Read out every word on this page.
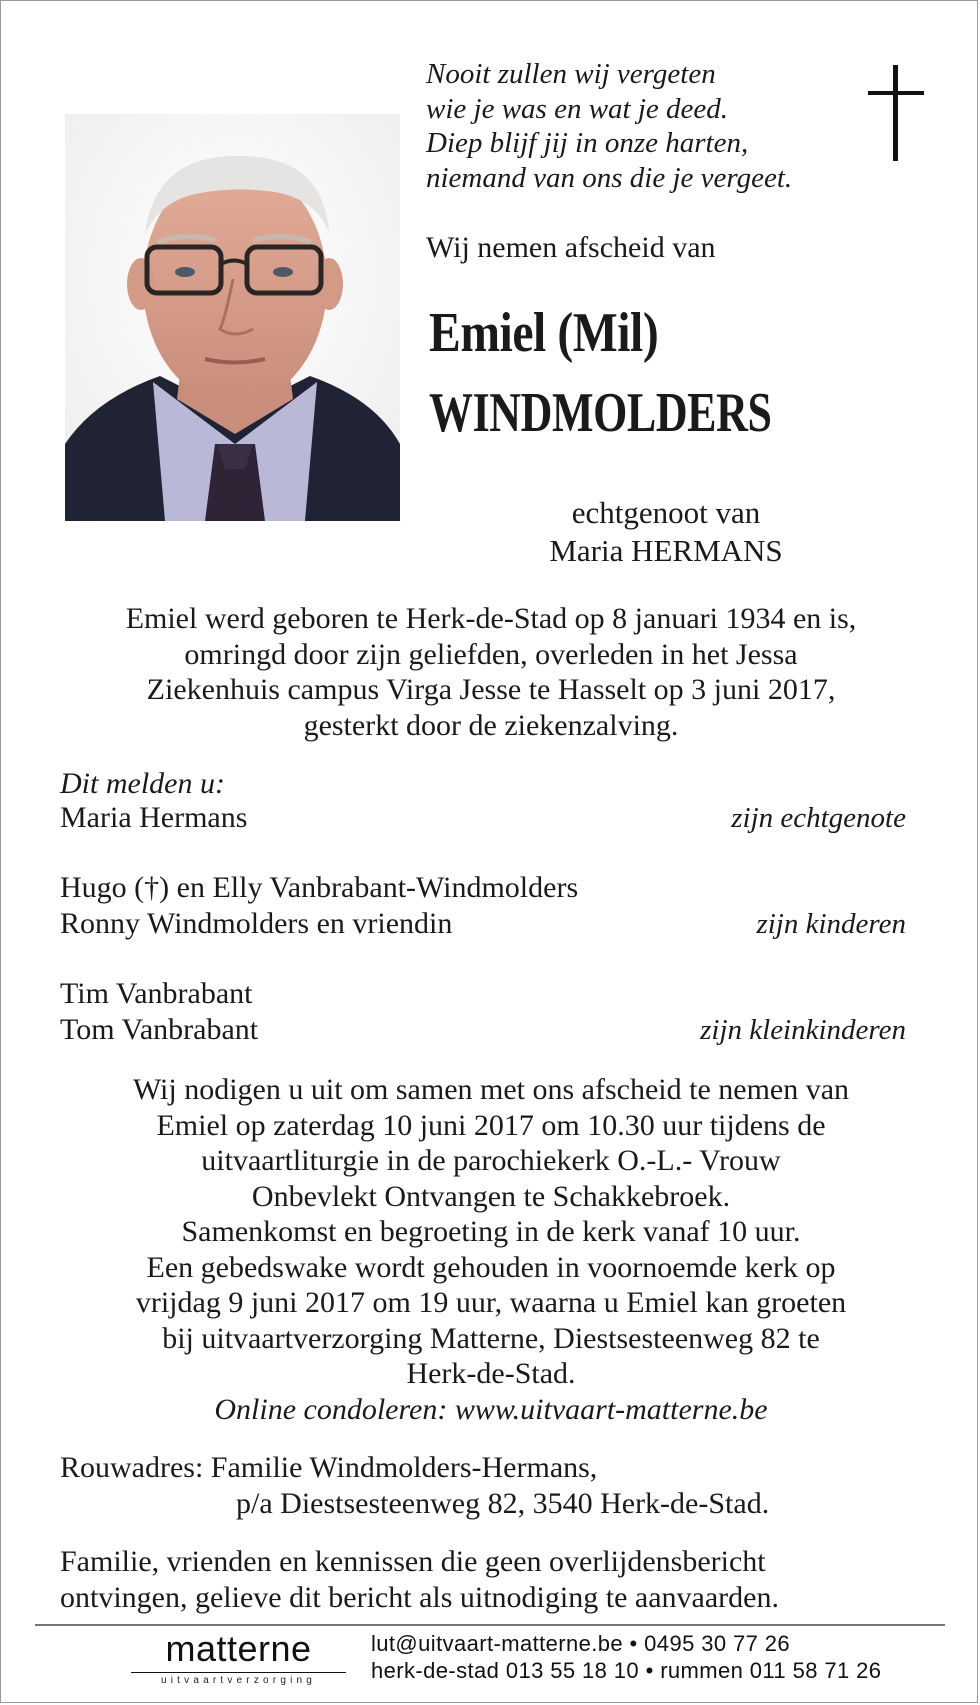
Nooit zullen wij vergeten
wie je was en wat je deed.
Diep blijf jij in onze harten,
niemand van ons die je vergeet.
Wij nemen afscheid van
Emiel (Mil)
WINDMOLDERS
echtgenoot van
Maria HERMANS
Emiel werd geboren te Herk-de-Stad op 8 januari 1934 en is,
omringd door zijn geliefden, overleden in het Jessa
Ziekenhuis campus Virga Jesse te Hasselt op 3 juni 2017,
gesterkt door de ziekenzalving.
Dit melden u:
Maria Hermans	zijn echtgenote
Hugo (†) en Elly Vanbrabant-Windmolders
Ronny Windmolders en vriendin	zijn kinderen
Tim Vanbrabant
Tom Vanbrabant	zijn kleinkinderen
Wij nodigen u uit om samen met ons afscheid te nemen van
Emiel op zaterdag 10 juni 2017 om 10.30 uur tijdens de
uitvaartliturgie in de parochiekerk O.-L.- Vrouw
Onbevlekt Ontvangen te Schakkebroek.
Samenkomst en begroeting in de kerk vanaf 10 uur.
Een gebedswake wordt gehouden in voornoemde kerk op
vrijdag 9 juni 2017 om 19 uur, waarna u Emiel kan groeten
bij uitvaartverzorging Matterne, Diestsesteenweg 82 te
Herk-de-Stad.
Online condoleren: www.uitvaart-matterne.be
Rouwadres: Familie Windmolders-Hermans,
p/a Diestsesteenweg 82, 3540 Herk-de-Stad.
Familie, vrienden en kennissen die geen overlijdensbericht
ontvingen, gelieve dit bericht als uitnodiging te aanvaarden.
matterne
uitvaartverzorging
lut@uitvaart-matterne.be • 0495 30 77 26
herk-de-stad 013 55 18 10 • rummen 011 58 71 26
